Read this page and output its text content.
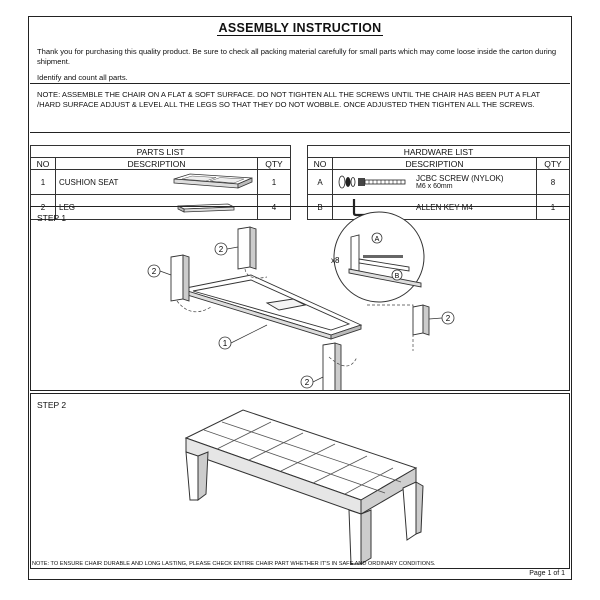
ASSEMBLY INSTRUCTION

Thank you for purchasing this quality product. Be sure to check all packing material carefully for small parts which may come loose inside the carton during shipment.

Identify and count all parts.

NOTE: ASSEMBLE THE CHAIR ON A FLAT & SOFT SURFACE. DO NOT TIGHTEN ALL THE SCREWS UNTIL THE CHAIR HAS BEEN PUT A FLAT /HARD SURFACE ADJUST & LEVEL ALL THE LEGS SO THAT THEY DO NOT WOBBLE. ONCE ADJUSTED THEN TIGHTEN ALL THE SCREWS.
PARTS LIST		
NO	DESCRIPTION	QTY
1	CUSHION SEAT	1
2	LEG	4
HARDWARE LIST		
NO	DESCRIPTION	QTY
A	JCBC SCREW (NYLOK)
M6 x 60mm	8
B	ALLEN KEY M4	1
STEP 1
2
2
2
2
1
A
B
x8
STEP 2
NOTE: TO ENSURE CHAIR DURABLE AND LONG LASTING, PLEASE CHECK ENTIRE CHAIR PART WHETHER IT'S IN SAFE AND ORDINARY CONDITIONS.
Page 1 of 1
